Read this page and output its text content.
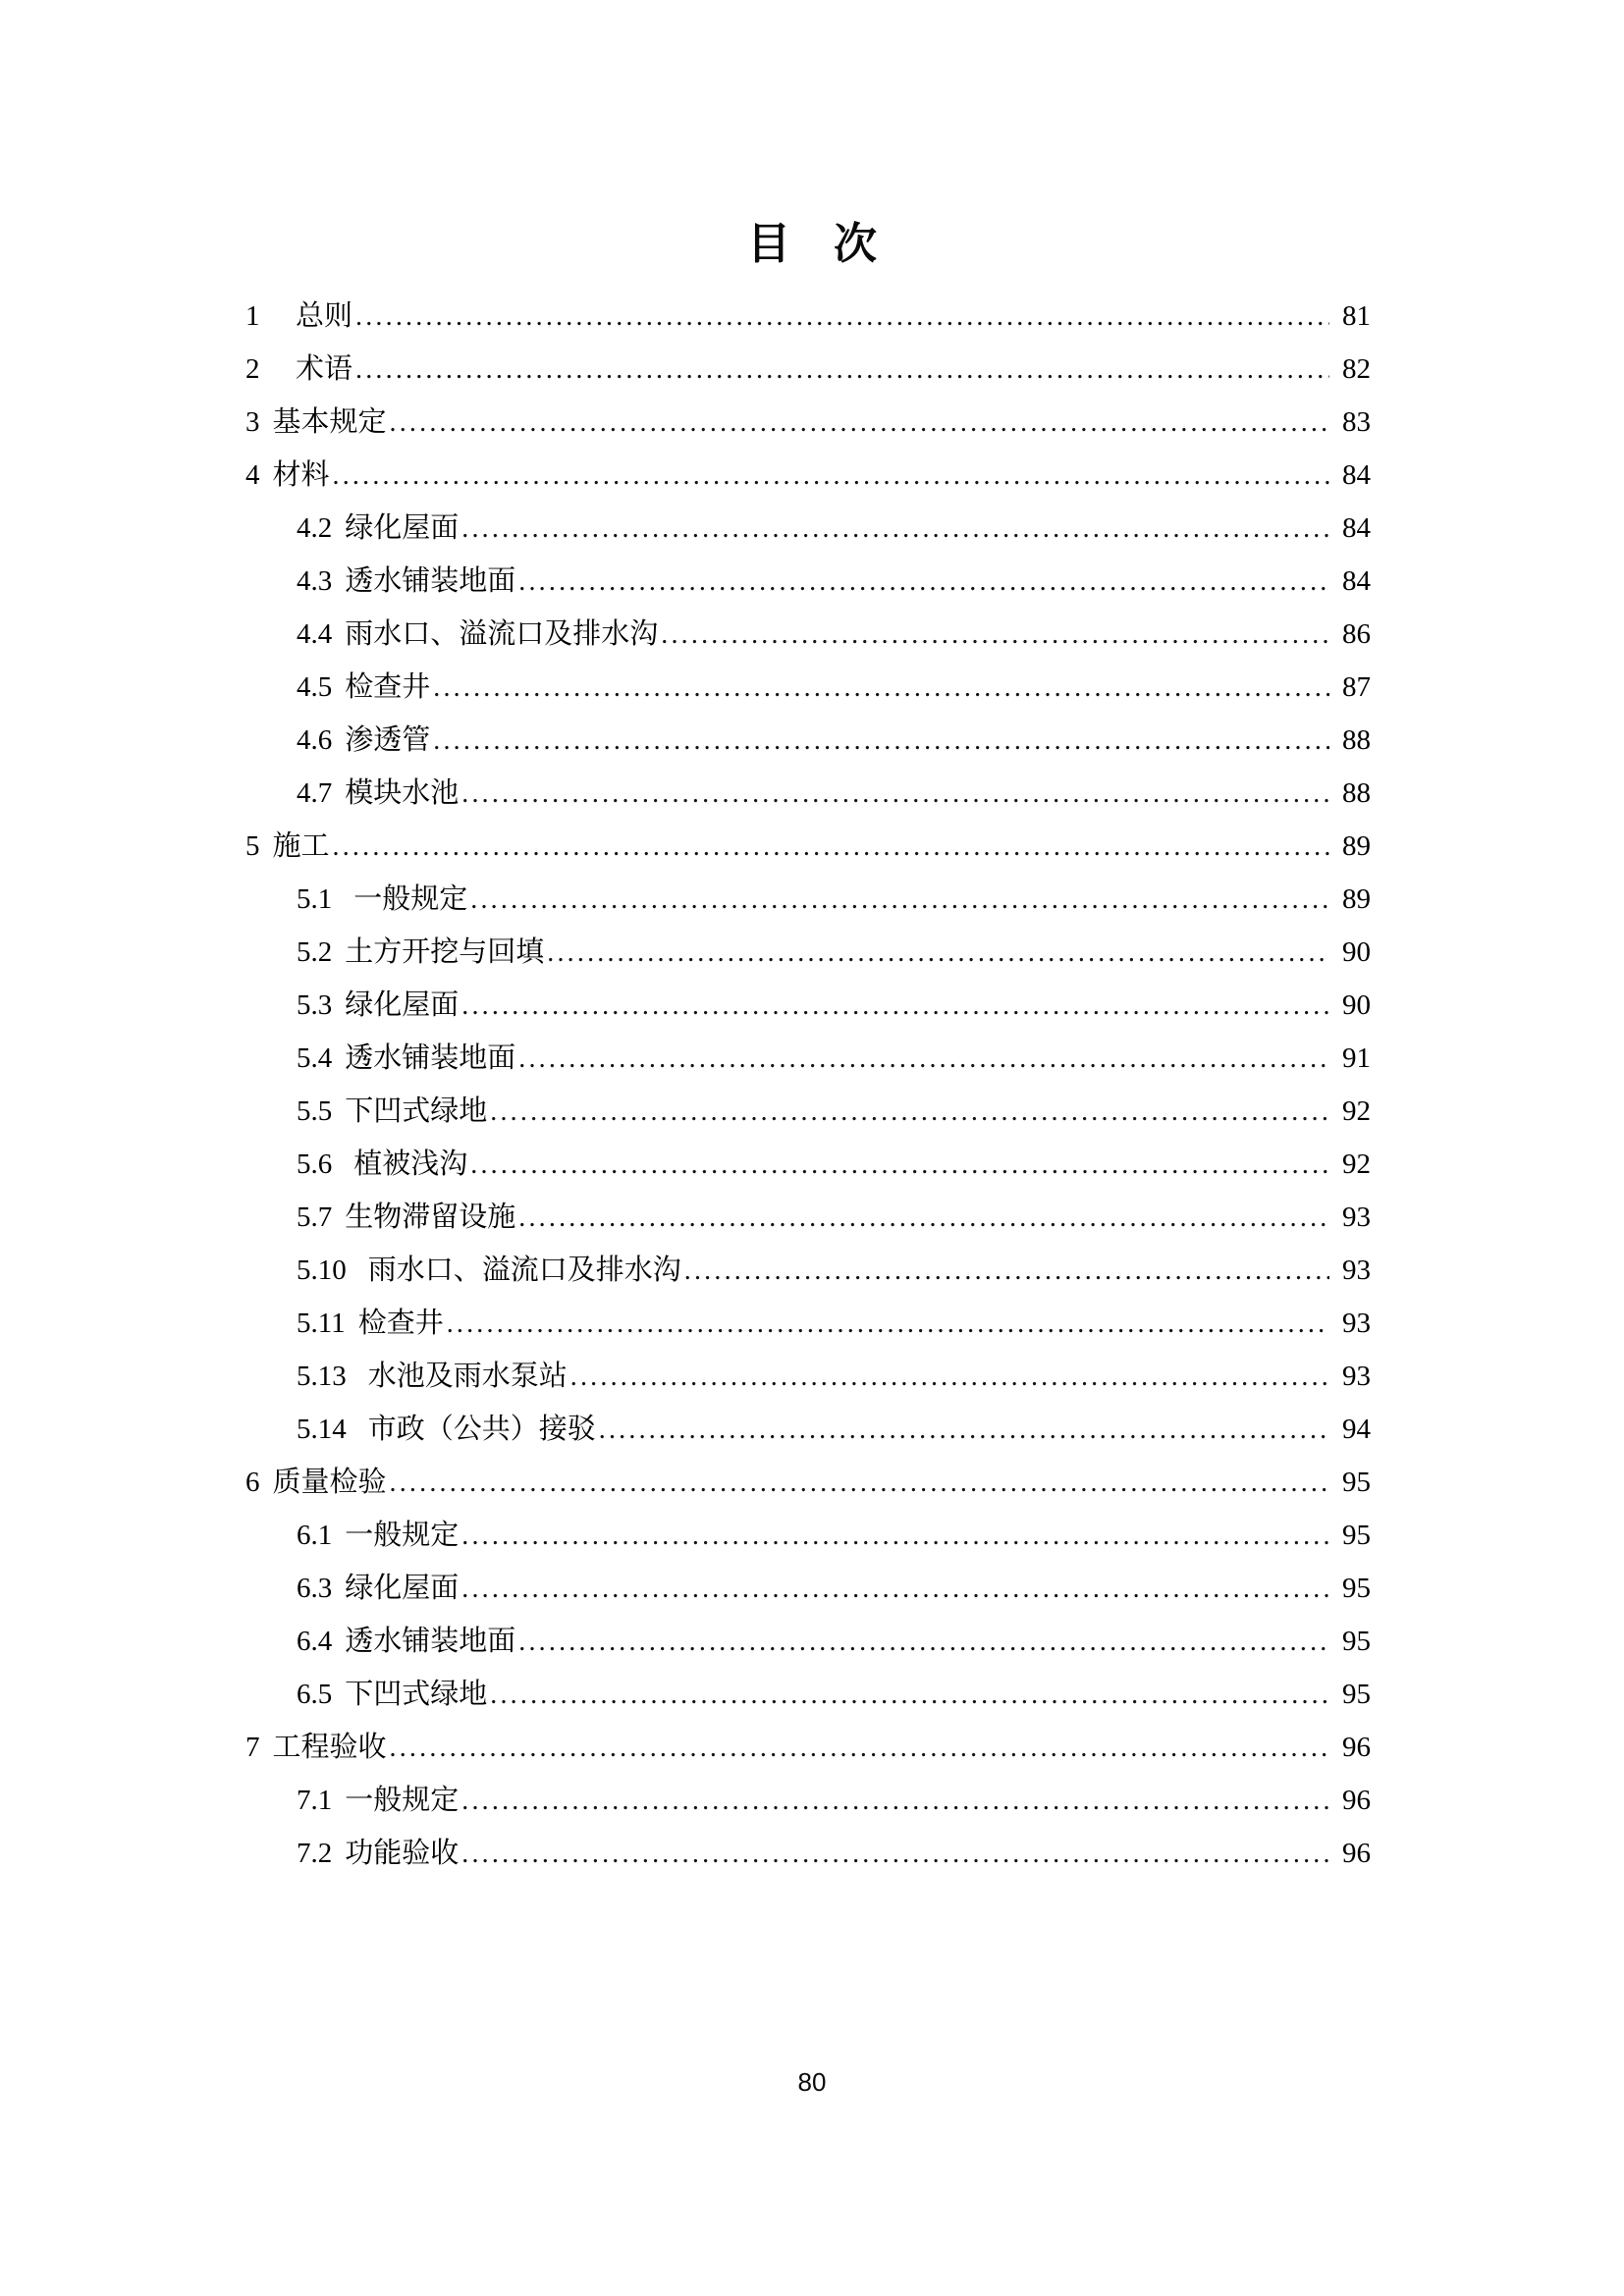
目　次
1	总则 .....	81
2	术语 .....	82
3 基本规定 .....	83
4 材料 .....	84
4.2 绿化屋面 .....	84
4.3 透水铺装地面 .....	84
4.4 雨水口、溢流口及排水沟 .....	86
4.5 检查井 .....	87
4.6 渗透管 .....	88
4.7 模块水池 .....	88
5 施工 .....	89
5.1 一般规定 .....	89
5.2 土方开挖与回填 .....	90
5.3 绿化屋面 .....	90
5.4 透水铺装地面 .....	91
5.5 下凹式绿地 .....	92
5.6 植被浅沟 .....	92
5.7 生物滞留设施 .....	93
5.10 雨水口、溢流口及排水沟 .....	93
5.11 检查井 .....	93
5.13 水池及雨水泵站 .....	93
5.14 市政（公共）接驳 .....	94
6 质量检验 .....	95
6.1 一般规定 .....	95
6.3 绿化屋面 .....	95
6.4 透水铺装地面 .....	95
6.5 下凹式绿地 .....	95
7 工程验收 .....	96
7.1 一般规定 .....	96
7.2 功能验收 .....	96
80
